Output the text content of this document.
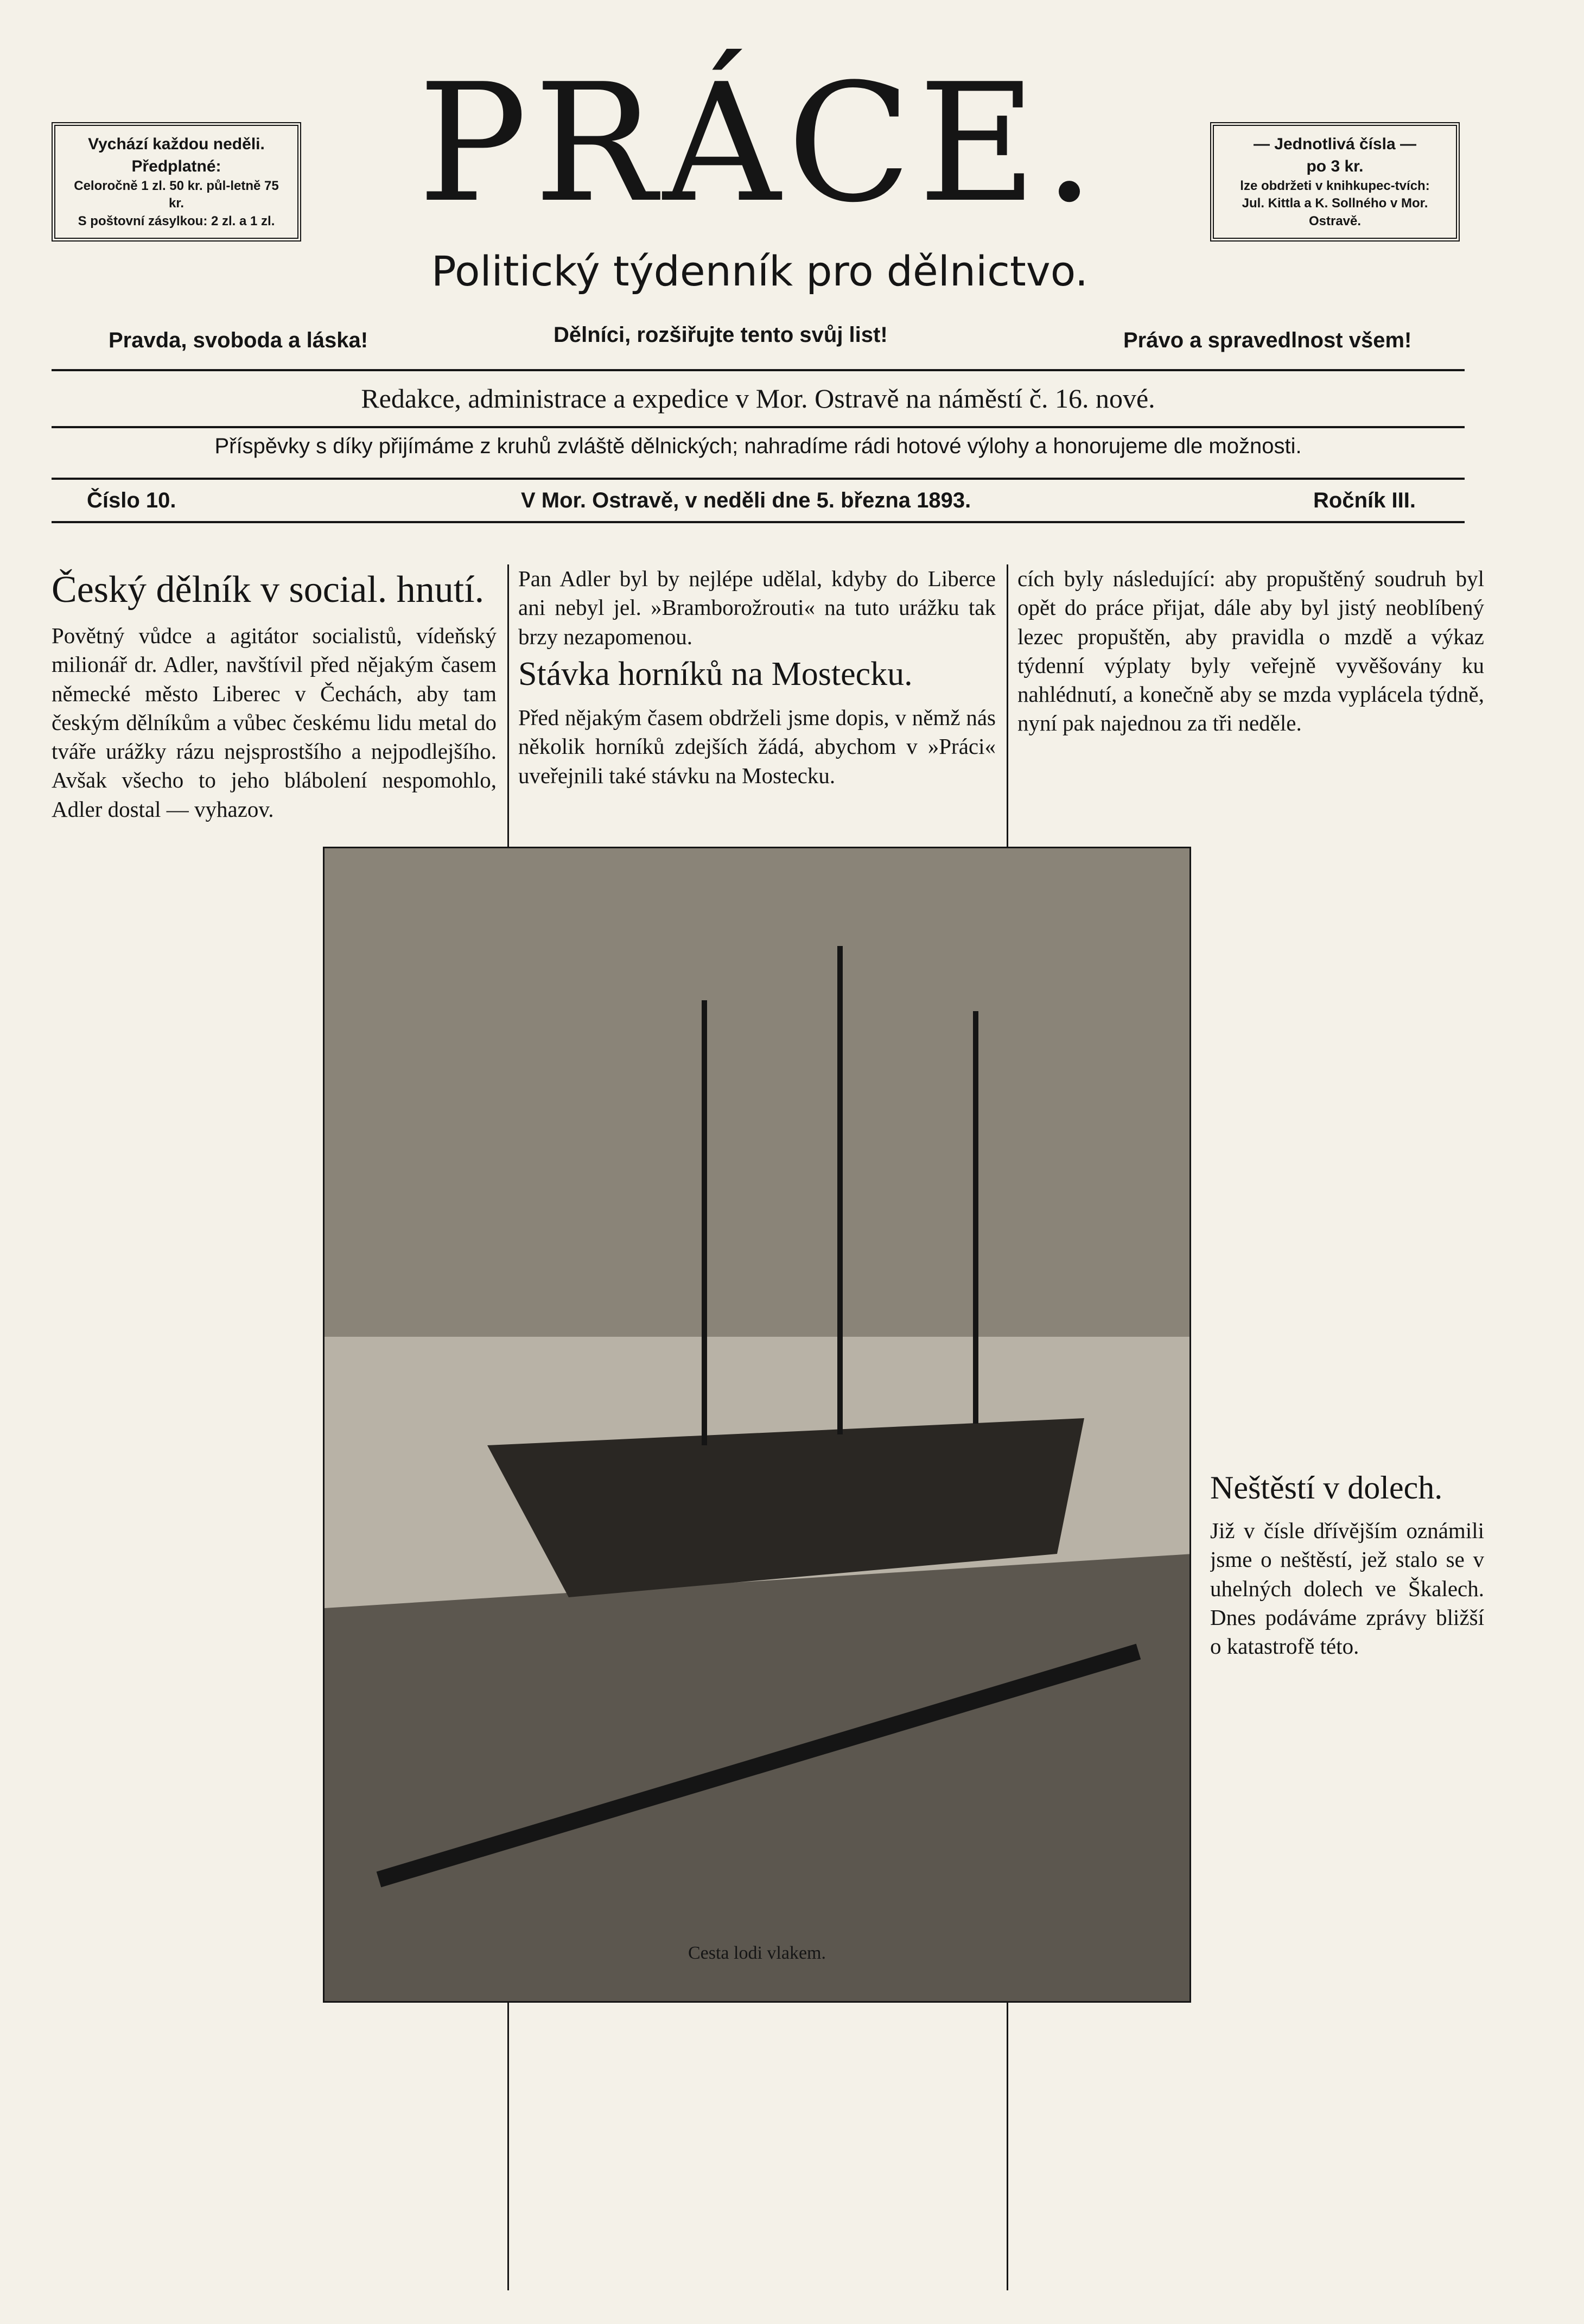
Vychází každou neděli.
Předplatné:
Celoročně 1 zl. 50 kr. půl-letně 75 kr.
S poštovní zásylkou: 2 zl. a 1 zl.
— Jednotlivá čísla —
po 3 kr.
lze obdržeti v knihkupec-tvích:
Jul. Kittla a K. Sollného v Mor. Ostravě.
PRÁCE.
Politický týdenník pro dělnictvo.
Pravda, svoboda a láska!	Dělníci, rozšiřujte tento svůj list!	Právo a spravedlnost všem!
Redakce, administrace a expedice v Mor. Ostravě na náměstí č. 16. nové.
Příspěvky s díky přijímáme z kruhů zvláště dělnických; nahradíme rádi hotové výlohy a honorujeme dle možnosti.
Číslo 10.	V Mor. Ostravě, v neděli dne 5. března 1893.	Ročník III.
Český dělník v social. hnutí.

Povětný vůdce a agitátor socialistů, vídeňský milionář dr. Adler, navštívil před nějakým časem německé město Liberec v Čechách, aby tam českým dělníkům a vůbec českému lidu metal do tváře urážky rázu nejsprostšího a nejpodlejšího. Avšak všecho to jeho blábolení nespomohlo, Adler dostal — vyhazov.

Pan Adler byl by nejlépe udělal, kdyby do Liberce ani nebyl jel. »Bramborožrouti« na tuto urážku tak brzy nezapomenou.

Stávka horníků na Mostecku.

Před nějakým časem obdrželi jsme dopis, v němž nás několik horníků zdejších žádá, abychom v »Práci« uveřejnili také stávku na Mostecku.

cích byly následující: aby propuštěný soudruh byl opět do práce přijat, dále aby byl jistý neoblíbený lezec propuštěn, aby pravidla o mzdě a výkaz týdenní výplaty byly veřejně vyvěšovány ku nahlédnutí, a konečně aby se mzda vyplácela týdně, nyní pak najednou za tři neděle.

Neštěstí v dolech.

Již v čísle dřívějším oznámili jsme o neštěstí, jež stalo se v uhelných dolech ve Škalech. Dnes podáváme zprávy bližší o katastrofě této.

Cesta lodi vlakem.
